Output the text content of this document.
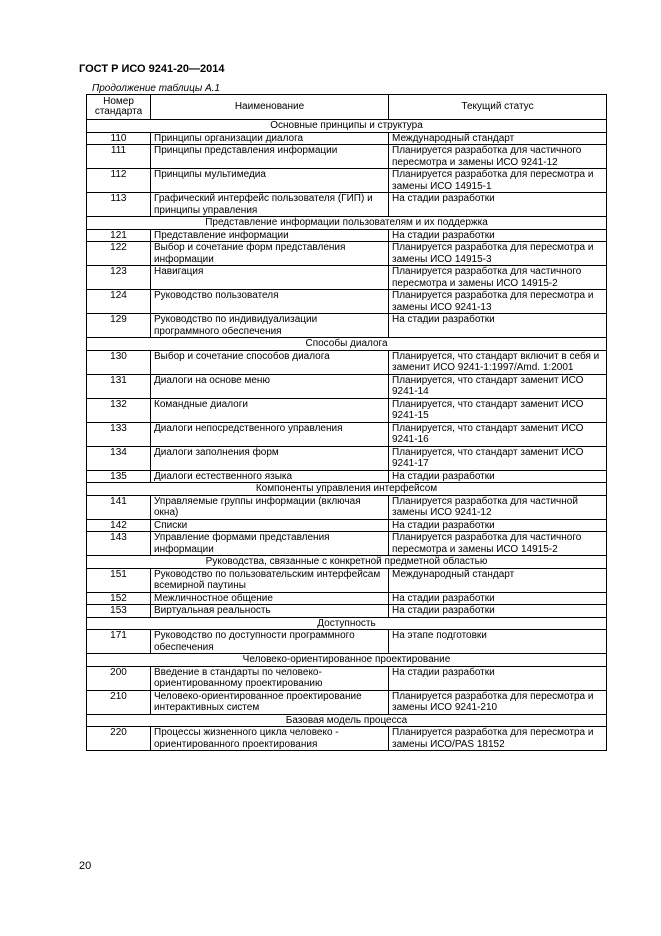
ГОСТ Р ИСО 9241-20—2014
Продолжение таблицы А.1
Номер
стандарта	Наименование	Текущий статус
Основные принципы и структура		
110	Принципы организации диалога	Международный стандарт
111	Принципы представления информации	Планируется разработка для частичного пересмотра и замены ИСО 9241-12
112	Принципы мультимедиа	Планируется разработка для пересмотра и замены ИСО 14915-1
113	Графический интерфейс пользователя (ГИП) и принципы управления	На стадии разработки
Представление информации пользователям и их поддержка		
121	Представление информации	На стадии разработки
122	Выбор и сочетание форм представления информации	Планируется разработка для пересмотра и замены ИСО 14915-3
123	Навигация	Планируется разработка для частичного пересмотра и замены ИСО 14915-2
124	Руководство пользователя	Планируется разработка для пересмотра и замены ИСО 9241-13
129	Руководство по индивидуализации программного обеспечения	На стадии разработки
Способы диалога		
130	Выбор и сочетание способов диалога	Планируется, что стандарт включит в себя и заменит ИСО 9241-1:1997/Amd. 1:2001
131	Диалоги на основе меню	Планируется, что стандарт заменит ИСО 9241-14
132	Командные диалоги	Планируется, что стандарт заменит ИСО 9241-15
133	Диалоги непосредственного управления	Планируется, что стандарт заменит ИСО 9241-16
134	Диалоги заполнения форм	Планируется, что стандарт заменит ИСО 9241-17
135	Диалоги естественного языка	На стадии разработки
Компоненты управления интерфейсом		
141	Управляемые группы информации (включая окна)	Планируется разработка для частичной замены ИСО 9241-12
142	Списки	На стадии разработки
143	Управление формами представления информации	Планируется разработка для частичного пересмотра и замены ИСО 14915-2
Руководства, связанные с конкретной предметной областью		
151	Руководство по пользовательским интерфейсам всемирной паутины	Международный стандарт
152	Межличностное общение	На стадии разработки
153	Виртуальная реальность	На стадии разработки
Доступность		
171	Руководство по доступности программного обеспечения	На этапе подготовки
Человеко-ориентированное проектирование		
200	Введение в стандарты по человеко-ориентированному проектированию	На стадии разработки
210	Человеко-ориентированное проектирование интерактивных систем	Планируется разработка для пересмотра и замены ИСО 9241-210
Базовая модель процесса		
220	Процессы жизненного цикла человеко - ориентированного проектирования	Планируется разработка для пересмотра и замены ИСО/PAS 18152
20
